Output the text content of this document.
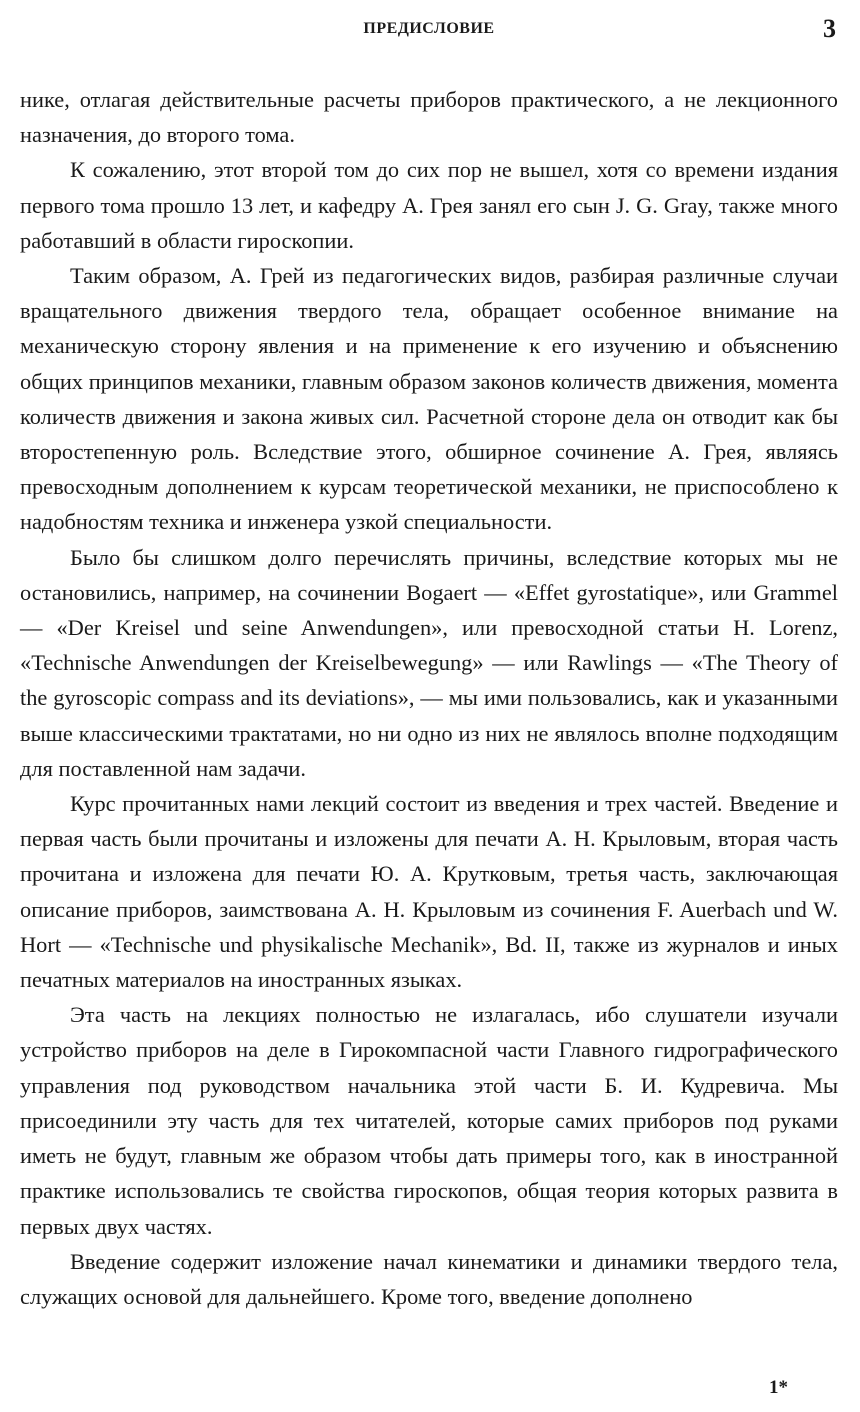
ПРЕДИСЛОВИЕ	3

нике, отлагая действительные расчеты приборов практического, а не лекционного назначения, до второго тома.

К сожалению, этот второй том до сих пор не вышел, хотя со времени издания первого тома прошло 13 лет, и кафедру А. Грея занял его сын J. G. Gray, также много работавший в области гироскопии.

Таким образом, А. Грей из педагогических видов, разбирая различные случаи вращательного движения твердого тела, обращает особенное внимание на механическую сторону явления и на применение к его изучению и объяснению общих принципов механики, главным образом законов количеств движения, момента количеств движения и закона живых сил. Расчетной стороне дела он отводит как бы второстепенную роль. Вследствие этого, обширное сочинение А. Грея, являясь превосходным дополнением к курсам теоретической механики, не приспособлено к надобностям техника и инженера узкой специальности.

Было бы слишком долго перечислять причины, вследствие которых мы не остановились, например, на сочинении Bogaert — «Effet gyrostatique», или Grammel — «Der Kreisel und seine Anwendungen», или превосходной статьи H. Lorenz, «Technische Anwendungen der Kreiselbewegung» — или Rawlings — «The Theory of the gyroscopic compass and its deviations», — мы ими пользовались, как и указанными выше классическими трактатами, но ни одно из них не являлось вполне подходящим для поставленной нам задачи.

Курс прочитанных нами лекций состоит из введения и трех частей. Введение и первая часть были прочитаны и изложены для печати А. Н. Крыловым, вторая часть прочитана и изложена для печати Ю. А. Крутковым, третья часть, заключающая описание приборов, заимствована А. Н. Крыловым из сочинения F. Auerbach und W. Hort — «Technische und physikalische Mechanik», Bd. II, также из журналов и иных печатных материалов на иностранных языках.

Эта часть на лекциях полностью не излагалась, ибо слушатели изучали устройство приборов на деле в Гирокомпасной части Главного гидрографического управления под руководством начальника этой части Б. И. Кудревича. Мы присоединили эту часть для тех читателей, которые самих приборов под руками иметь не будут, главным же образом чтобы дать примеры того, как в иностранной практике использовались те свойства гироскопов, общая теория которых развита в первых двух частях.

Введение содержит изложение начал кинематики и динамики твердого тела, служащих основой для дальнейшего. Кроме того, введение дополнено

1*
